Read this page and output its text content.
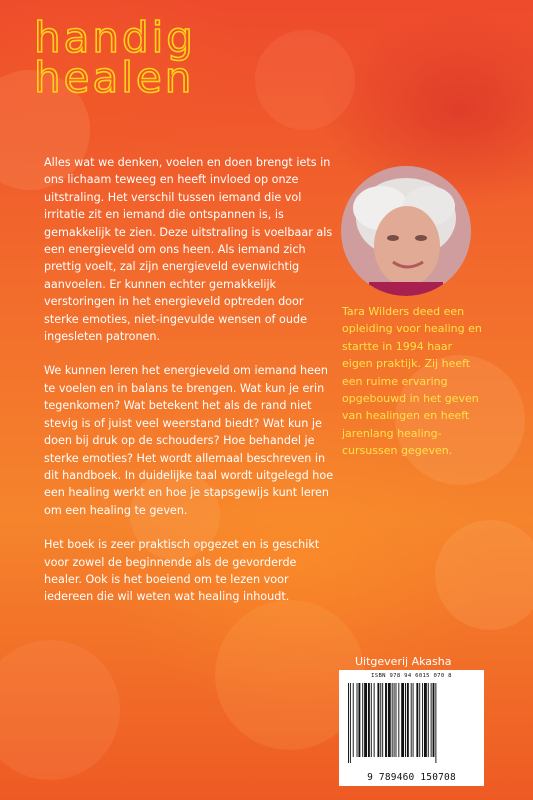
handig
healen

Alles wat we denken, voelen en doen brengt iets in ons lichaam teweeg en heeft invloed op onze uitstraling. Het verschil tussen iemand die vol irritatie zit en iemand die ontspannen is, is gemakkelijk te zien. Deze uitstraling is voelbaar als een energieveld om ons heen. Als iemand zich prettig voelt, zal zijn energieveld evenwichtig aanvoelen. Er kunnen echter gemakkelijk verstoringen in het energieveld optreden door sterke emoties, niet-ingevulde wensen of oude ingesleten patronen.

We kunnen leren het energieveld om iemand heen te voelen en in balans te brengen. Wat kun je erin tegenkomen? Wat betekent het als de rand niet stevig is of juist veel weerstand biedt? Wat kun je doen bij druk op de schouders? Hoe behandel je sterke emoties? Het wordt allemaal beschreven in dit handboek. In duidelijke taal wordt uitgelegd hoe een healing werkt en hoe je stapsgewijs kunt leren om een healing te geven.

Het boek is zeer praktisch opgezet en is geschikt voor zowel de beginnende als de gevorderde healer. Ook is het boeiend om te lezen voor iedereen die wil weten wat healing inhoudt.

Tara Wilders deed een opleiding voor healing en startte in 1994 haar eigen praktijk. Zij heeft een ruime ervaring opgebouwd in het geven van healingen en heeft jarenlang healing-cursussen gegeven.

Uitgeverij Akasha

ISBN 978 94 6015 070 8
9 789460 150708
